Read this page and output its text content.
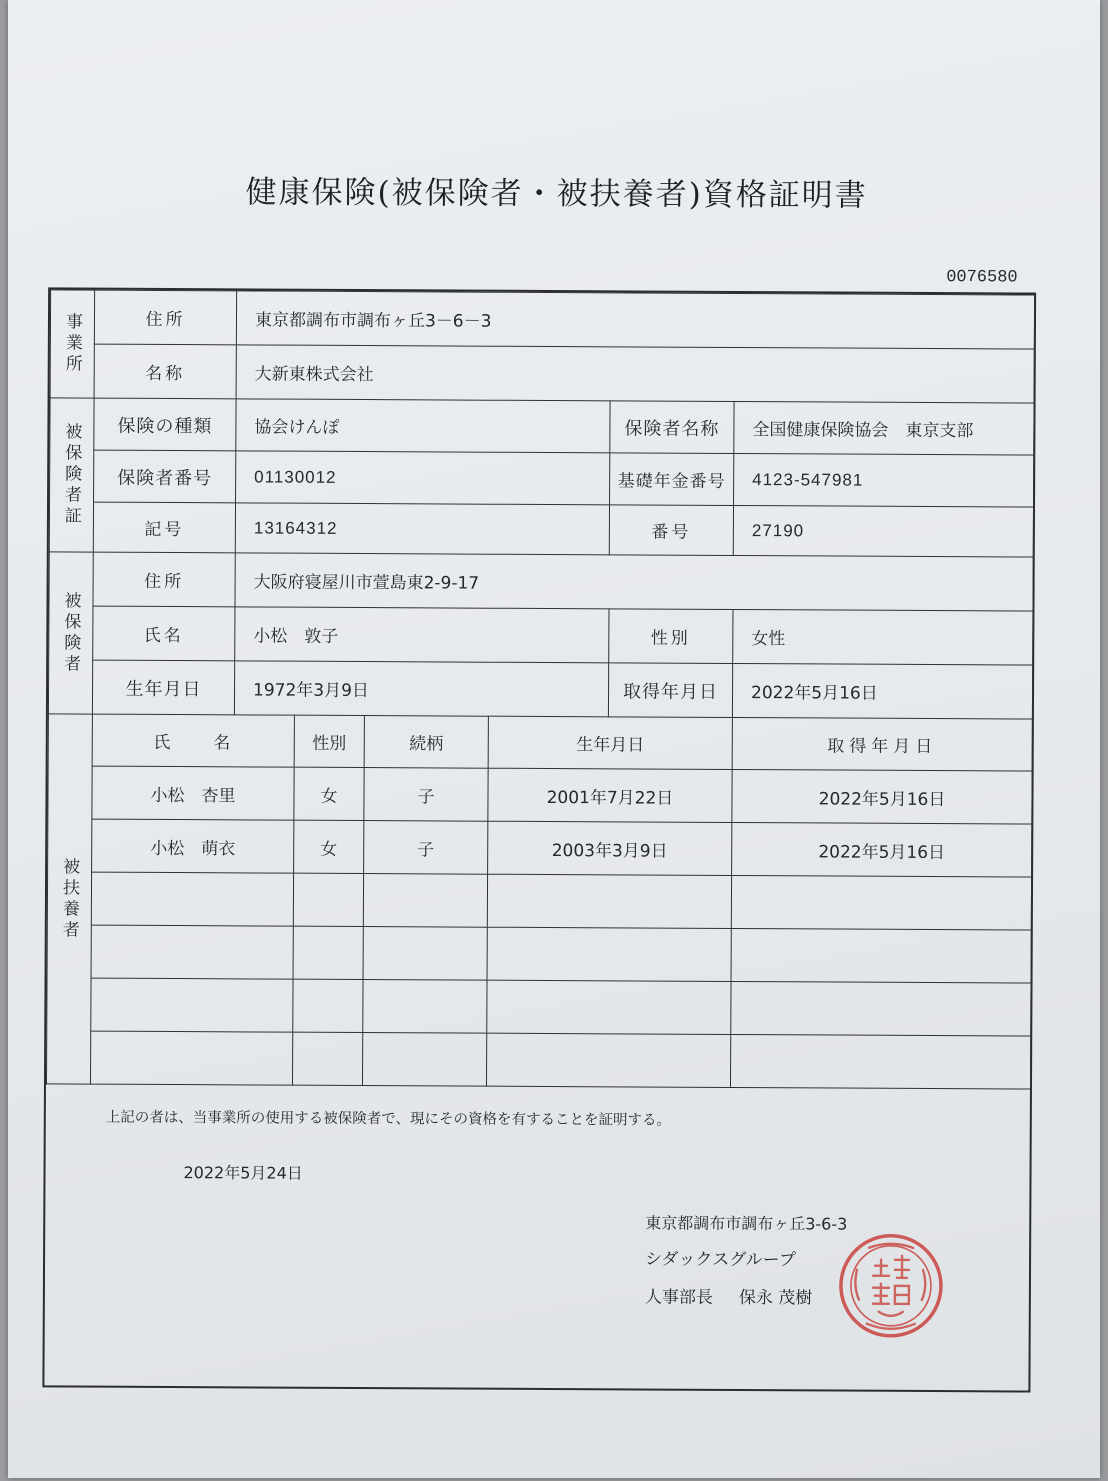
健康保険(被保険者・被扶養者)資格証明書
0076580
事業所	住所	東京都調布市調布ヶ丘3－6－3					
	名称	大新東株式会社					
被保険者証	保険の種類	協会けんぽ				保険者名称	全国健康保険協会　東京支部
	保険者番号	01130012				基礎年金番号	4123-547981
	記号	13164312				番号	27190
被保険者	住所	大阪府寝屋川市萱島東2-9-17					
	氏名	小松　敦子				性別	女性
	生年月日	1972年3月9日				取得年月日	2022年5月16日
被扶養者	氏　　名		性別	続柄	生年月日		取得年月日
	小松　杏里		女	子	2001年7月22日		2022年5月16日
	小松　萌衣		女	子	2003年3月9日		2022年5月16日

上記の者は、当事業所の使用する被保険者で、現にその資格を有することを証明する。
2022年5月24日
東京都調布市調布ヶ丘3-6-3
シダックスグループ
人事部長 保永 茂樹
